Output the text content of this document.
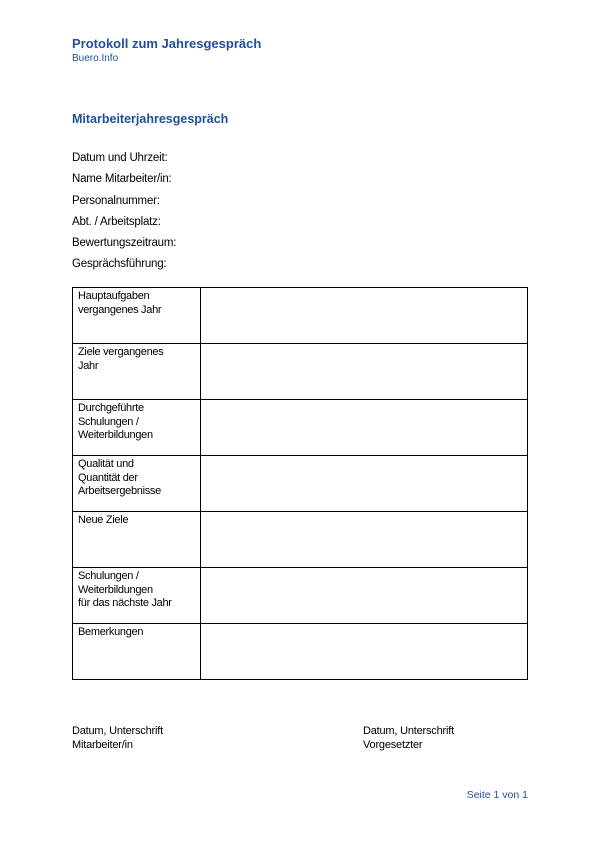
Protokoll zum Jahresgespräch
Buero.Info
Mitarbeiterjahresgespräch
Datum und Uhrzeit:
Name Mitarbeiter/in:
Personalnummer:
Abt. / Arbeitsplatz:
Bewertungszeitraum:
Gesprächsführung:
Hauptaufgaben
vergangenes Jahr	

Ziele vergangenes
Jahr	

Durchgeführte
Schulungen /
Weiterbildungen	

Qualität und
Quantität der
Arbeitsergebnisse	

Neue Ziele	

Schulungen /
Weiterbildungen
für das nächste Jahr	

Bemerkungen	

Datum, Unterschrift
Mitarbeiter/in
Datum, Unterschrift
Vorgesetzter
Seite 1 von 1
